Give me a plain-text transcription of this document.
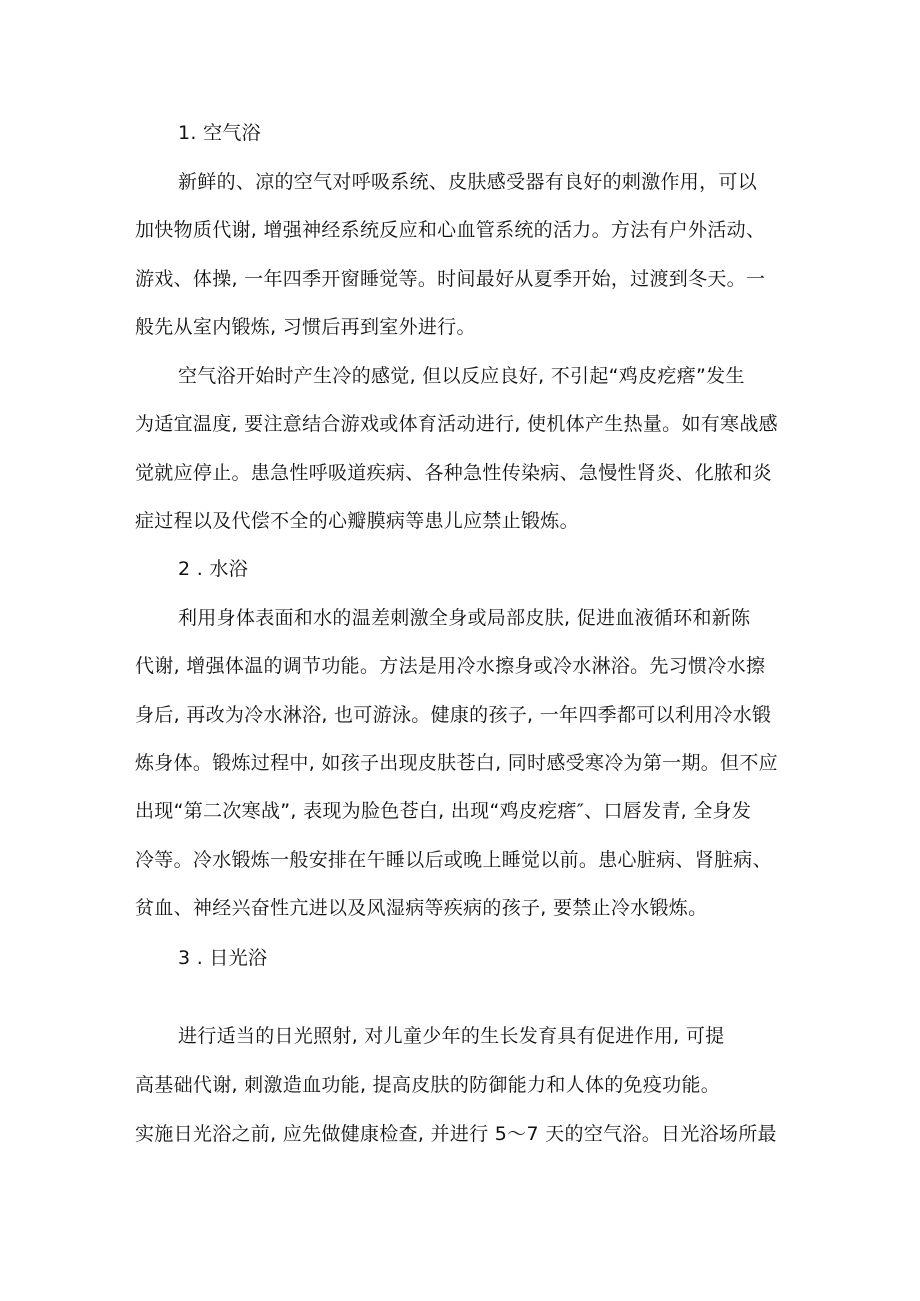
1. 空气浴
新鲜的、凉的空气对呼吸系统、皮肤感受器有良好的刺激作用，可以
加快物质代谢, 增强神经系统反应和心血管系统的活力。方法有户外活动、
游戏、体操, 一年四季开窗睡觉等。时间最好从夏季开始，过渡到冬天。一
般先从室内锻炼, 习惯后再到室外进行。
空气浴开始时产生冷的感觉, 但以反应良好, 不引起“鸡皮疙瘩”发生
为适宜温度, 要注意结合游戏或体育活动进行, 使机体产生热量。如有寒战感
觉就应停止。患急性呼吸道疾病、各种急性传染病、急慢性肾炎、化脓和炎
症过程以及代偿不全的心瓣膜病等患儿应禁止锻炼。
2 . 水浴
利用身体表面和水的温差刺激全身或局部皮肤, 促进血液循环和新陈
代谢, 增强体温的调节功能。方法是用冷水擦身或冷水淋浴。先习惯冷水擦
身后, 再改为冷水淋浴, 也可游泳。健康的孩子, 一年四季都可以利用冷水锻
炼身体。锻炼过程中, 如孩子出现皮肤苍白, 同时感受寒冷为第一期。但不应
出现“第二次寒战”, 表现为脸色苍白, 出现“鸡皮疙瘩″、口唇发青, 全身发
冷等。冷水锻炼一般安排在午睡以后或晚上睡觉以前。患心脏病、肾脏病、
贫血、神经兴奋性亢进以及风湿病等疾病的孩子, 要禁止冷水锻炼。
3 . 日光浴
进行适当的日光照射, 对儿童少年的生长发育具有促进作用, 可提
高基础代谢, 刺激造血功能, 提高皮肤的防御能力和人体的免疫功能。
实施日光浴之前, 应先做健康检查, 并进行 5～7 天的空气浴。日光浴场所最
